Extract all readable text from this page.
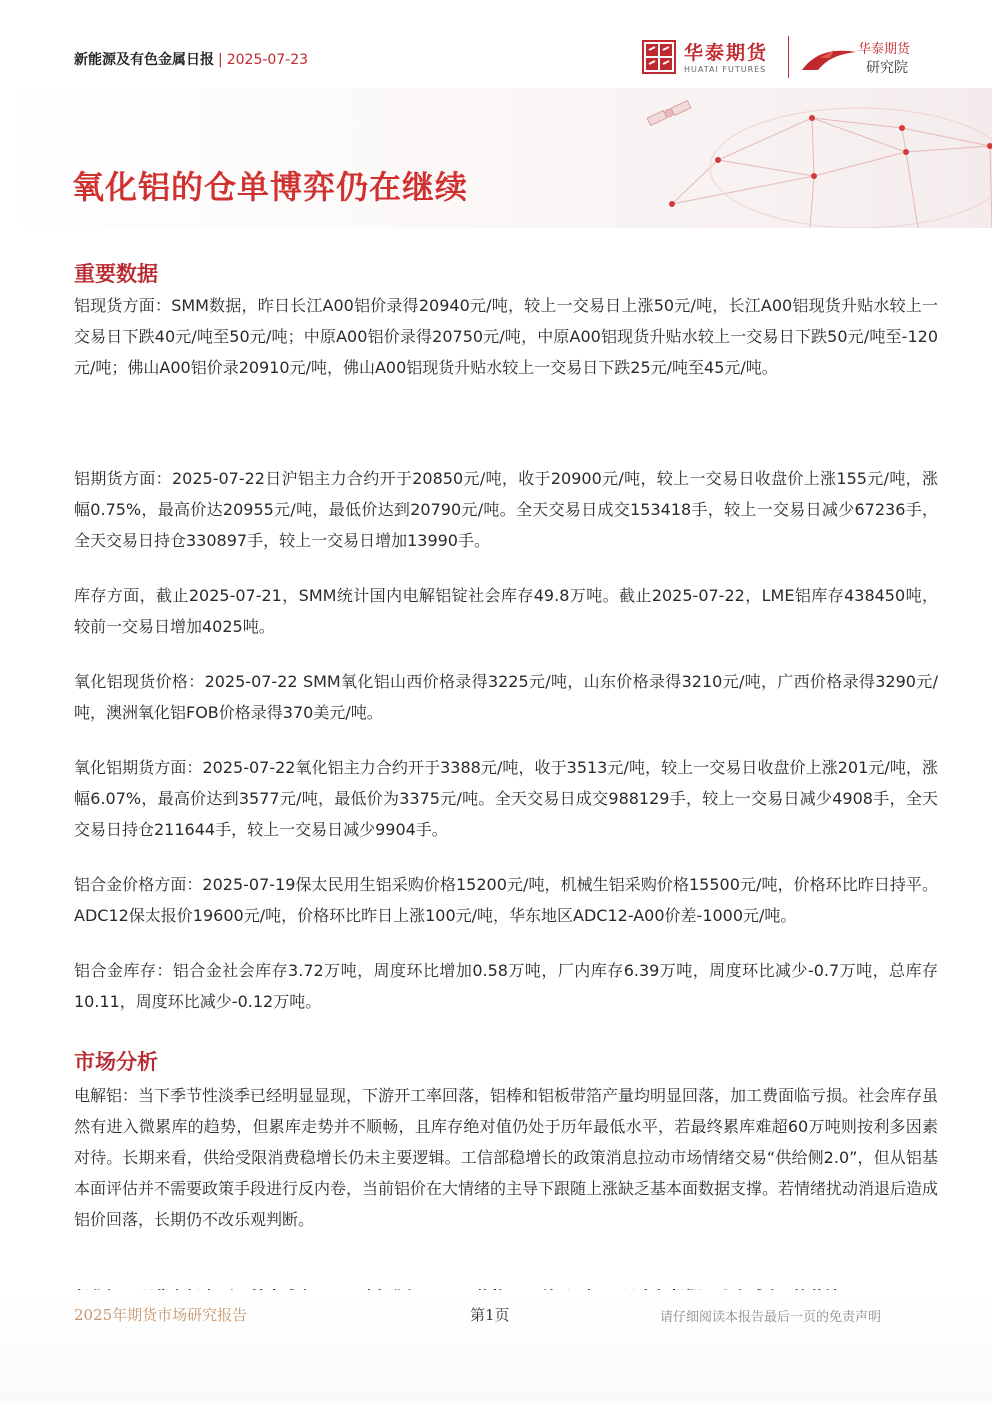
新能源及有色金属日报 | 2025-07-23	华泰期货
HUATAI FUTURES
华泰期货
研究院
氧化铝的仓单博弈仍在继续
重要数据

铝现货方面：SMM数据，昨日长江A00铝价录得20940元/吨，较上一交易日上涨50元/吨，长江A00铝现货升贴水较上一交易日下跌40元/吨至50元/吨；中原A00铝价录得20750元/吨，中原A00铝现货升贴水较上一交易日下跌50元/吨至-120元/吨；佛山A00铝价录20910元/吨，佛山A00铝现货升贴水较上一交易日下跌25元/吨至45元/吨。

铝期货方面：2025-07-22日沪铝主力合约开于20850元/吨，收于20900元/吨，较上一交易日收盘价上涨155元/吨，涨幅0.75%，最高价达20955元/吨，最低价达到20790元/吨。全天交易日成交153418手，较上一交易日减少67236手，全天交易日持仓330897手，较上一交易日增加13990手。

库存方面，截止2025-07-21，SMM统计国内电解铝锭社会库存49.8万吨。截止2025-07-22，LME铝库存438450吨，较前一交易日增加4025吨。

氧化铝现货价格：2025-07-22 SMM氧化铝山西价格录得3225元/吨，山东价格录得3210元/吨，广西价格录得3290元/吨，澳洲氧化铝FOB价格录得370美元/吨。

氧化铝期货方面：2025-07-22氧化铝主力合约开于3388元/吨，收于3513元/吨，较上一交易日收盘价上涨201元/吨，涨幅6.07%，最高价达到3577元/吨，最低价为3375元/吨。全天交易日成交988129手，较上一交易日减少4908手，全天交易日持仓211644手，较上一交易日减少9904手。

铝合金价格方面：2025-07-19保太民用生铝采购价格15200元/吨，机械生铝采购价格15500元/吨，价格环比昨日持平。ADC12保太报价19600元/吨，价格环比昨日上涨100元/吨，华东地区ADC12-A00价差-1000元/吨。

铝合金库存：铝合金社会库存3.72万吨，周度环比增加0.58万吨，厂内库存6.39万吨，周度环比减少-0.7万吨，总库存10.11，周度环比减少-0.12万吨。

市场分析

电解铝：当下季节性淡季已经明显显现，下游开工率回落，铝棒和铝板带箔产量均明显回落，加工费面临亏损。社会库存虽然有进入微累库的趋势，但累库走势并不顺畅，且库存绝对值仍处于历年最低水平，若最终累库难超60万吨则按利多因素对待。长期来看，供给受限消费稳增长仍未主要逻辑。工信部稳增长的政策消息拉动市场情绪交易“供给侧2.0”，但从铝基本面评估并不需要政策手段进行反内卷，当前铝价在大情绪的主导下跟随上涨缺乏基本面数据支撑。若情绪扰动消退后造成铝价回落，长期仍不改乐观判断。

2025年期货市场研究报告	第1页	请仔细阅读本报告最后一页的免责声明
